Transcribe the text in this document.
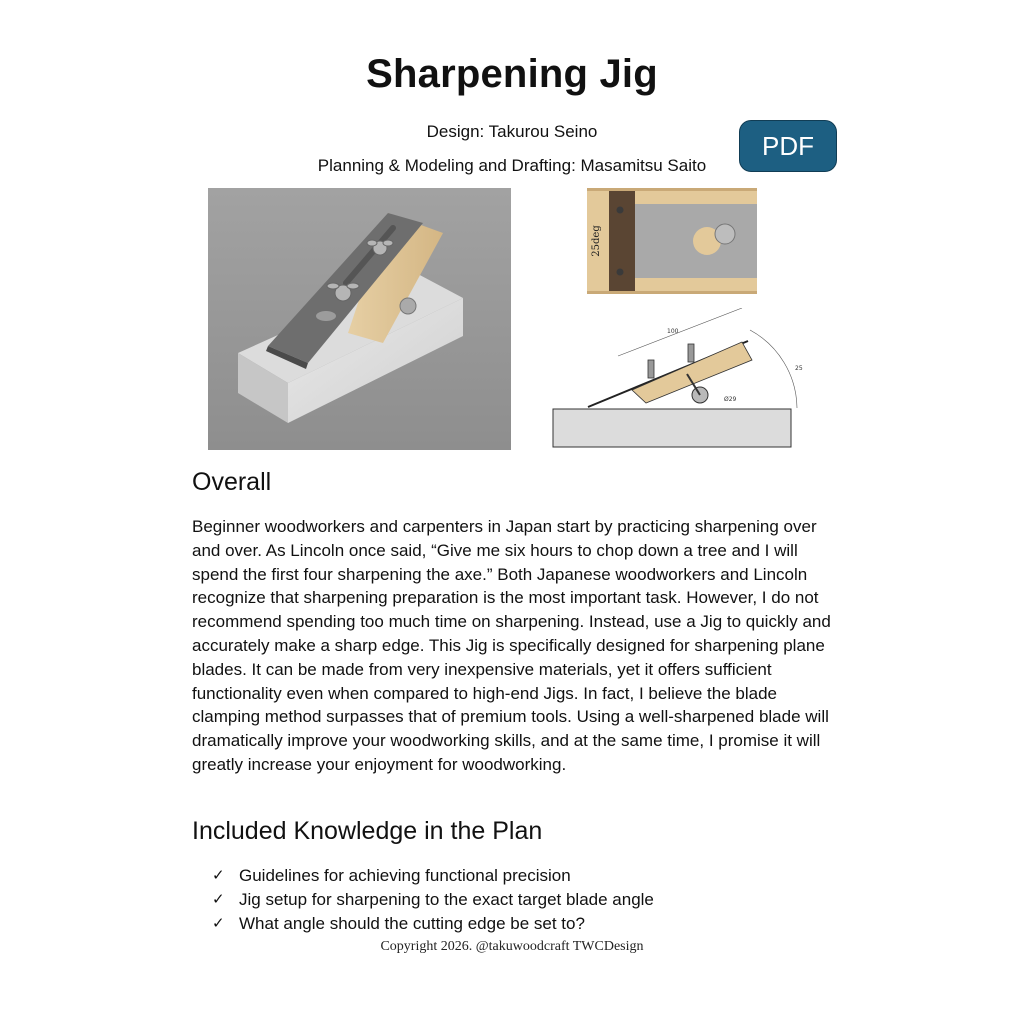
Sharpening Jig
Design: Takurou Seino
Planning & Modeling and Drafting: Masamitsu Saito
PDF
25deg
100
25
Ø29
Overall

Beginner woodworkers and carpenters in Japan start by practicing sharpening over and over. As Lincoln once said, “Give me six hours to chop down a tree and I will spend the first four sharpening the axe.” Both Japanese woodworkers and Lincoln recognize that sharpening preparation is the most important task. However, I do not recommend spending too much time on sharpening. Instead, use a Jig to quickly and accurately make a sharp edge. This Jig is specifically designed for sharpening plane blades. It can be made from very inexpensive materials, yet it offers sufficient functionality even when compared to high-end Jigs. In fact, I believe the blade clamping method surpasses that of premium tools. Using a well-sharpened blade will dramatically improve your woodworking skills, and at the same time, I promise it will greatly increase your enjoyment for woodworking.

Included Knowledge in the Plan
✓ Guidelines for achieving functional precision
✓ Jig setup for sharpening to the exact target blade angle
✓ What angle should the cutting edge be set to?
Copyright 2026. @takuwoodcraft TWCDesign
